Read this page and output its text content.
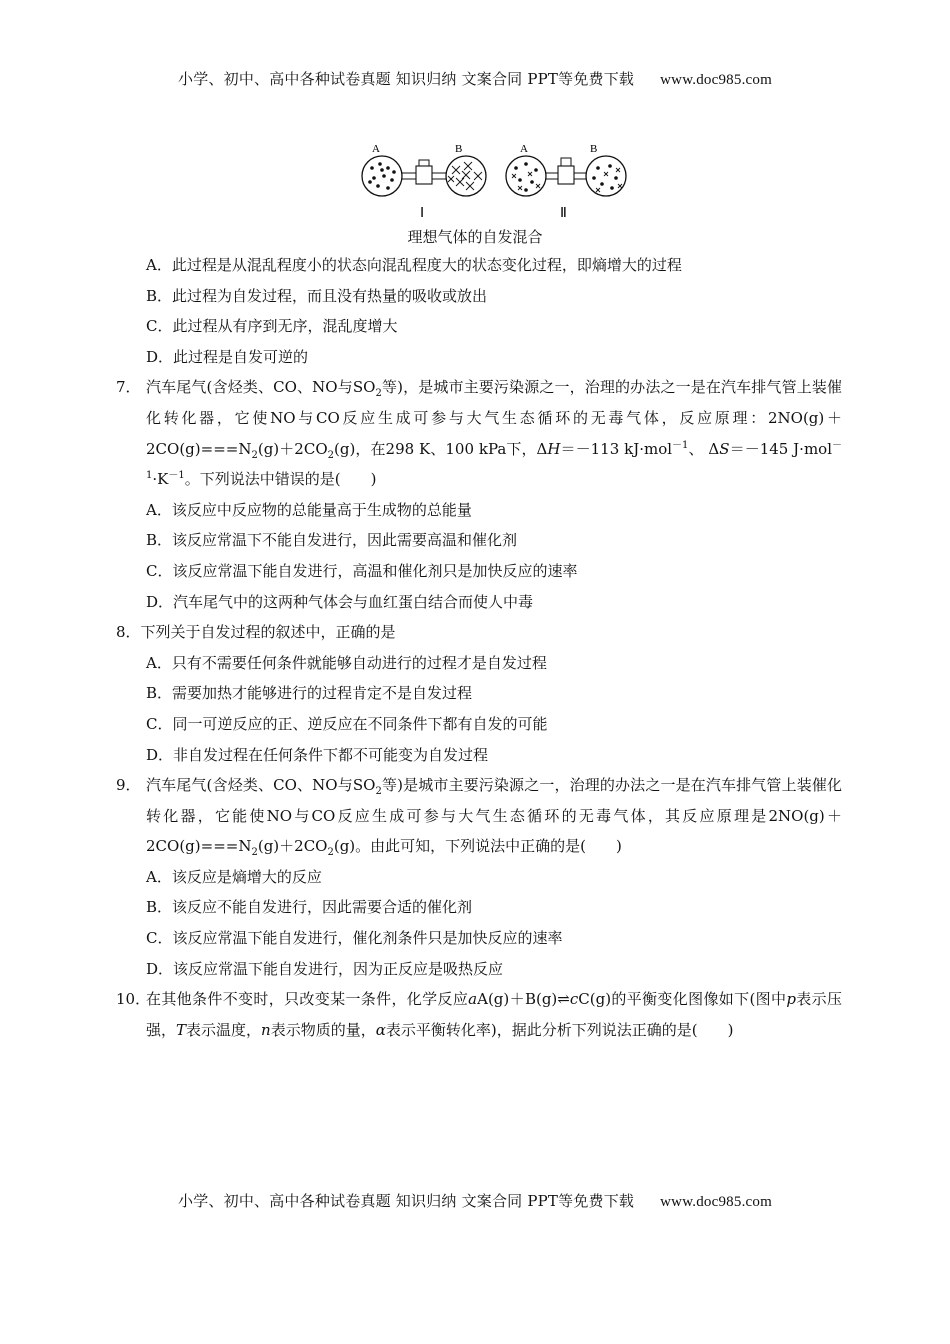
小学、初中、高中各种试卷真题 知识归纳 文案合同 PPT等免费下载 www.doc985.com
A	B
Ⅰ
A	B
Ⅱ
理想气体的自发混合
A．此过程是从混乱程度小的状态向混乱程度大的状态变化过程，即熵增大的过程
B．此过程为自发过程，而且没有热量的吸收或放出
C．此过程从有序到无序，混乱度增大
D．此过程是自发可逆的
7． 汽车尾气(含烃类、CO、NO与$SO_2$等)，是城市主要污染源之一，治理的办法之一是在汽车排气管上装催化转化器，它使NO与CO反应生成可参与大气生态循环的无毒气体，反应原理：$2NO(g)+2CO(g)===N_2(g)+2CO_2(g)$，在298 K、100 kPa下，ΔH＝－113 kJ·mol$^{-1}$、 ΔS＝－145 $J\cdot mol^{-1}\cdot K^{-1}$。下列说法中错误的是(　　)
A．该反应中反应物的总能量高于生成物的总能量
B．该反应常温下不能自发进行，因此需要高温和催化剂
C．该反应常温下能自发进行，高温和催化剂只是加快反应的速率
D．汽车尾气中的这两种气体会与血红蛋白结合而使人中毒
8．下列关于自发过程的叙述中，正确的是
A．只有不需要任何条件就能够自动进行的过程才是自发过程
B．需要加热才能够进行的过程肯定不是自发过程
C．同一可逆反应的正、逆反应在不同条件下都有自发的可能
D．非自发过程在任何条件下都不可能变为自发过程
9． 汽车尾气(含烃类、CO、NO与$SO_2$等)是城市主要污染源之一，治理的办法之一是在汽车排气管上装催化转化器，它能使NO与CO反应生成可参与大气生态循环的无毒气体，其反应原理是$2NO(g)+2CO(g)===N_2(g)+2CO_2(g)$。由此可知，下列说法中正确的是(　　)
A．该反应是熵增大的反应
B．该反应不能自发进行，因此需要合适的催化剂
C．该反应常温下能自发进行，催化剂条件只是加快反应的速率
D．该反应常温下能自发进行，因为正反应是吸热反应
10．
在其他条件不变时，只改变某一条件，化学反应aA(g)＋B(g)⇌cC(g)的平衡变化图像如下(图中p表示压强，T表示温度，n表示物质的量，α表示平衡转化率)，据此分析下列说法正确的是(　　)
小学、初中、高中各种试卷真题 知识归纳 文案合同 PPT等免费下载 www.doc985.com
